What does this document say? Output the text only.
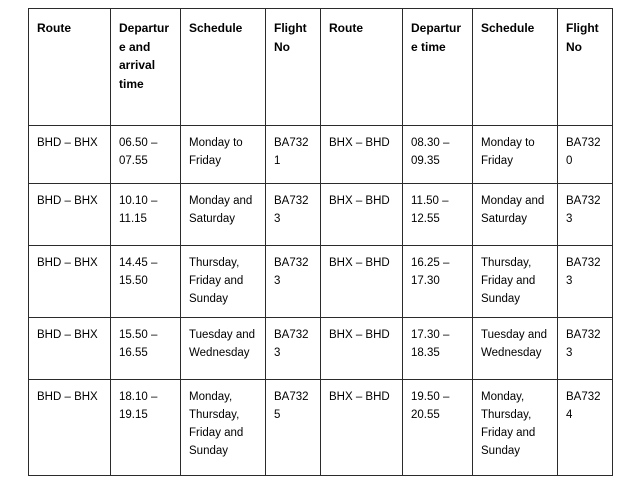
Route	Departure and arrival time	Schedule	Flight No	Route	Departure time	Schedule	Flight No
BHD – BHX	06.50 – 07.55	Monday to Friday	BA7321	BHX – BHD	08.30 – 09.35	Monday to Friday	BA7320
BHD – BHX	10.10 – 11.15	Monday and Saturday	BA7323	BHX – BHD	11.50 – 12.55	Monday and Saturday	BA7323
BHD – BHX	14.45 – 15.50	Thursday, Friday and Sunday	BA7323	BHX – BHD	16.25 – 17.30	Thursday, Friday and Sunday	BA7323
BHD – BHX	15.50 – 16.55	Tuesday and Wednesday	BA7323	BHX – BHD	17.30 – 18.35	Tuesday and Wednesday	BA7323
BHD – BHX	18.10 – 19.15	Monday, Thursday, Friday and Sunday	BA7325	BHX – BHD	19.50 – 20.55	Monday, Thursday, Friday and Sunday	BA7324
